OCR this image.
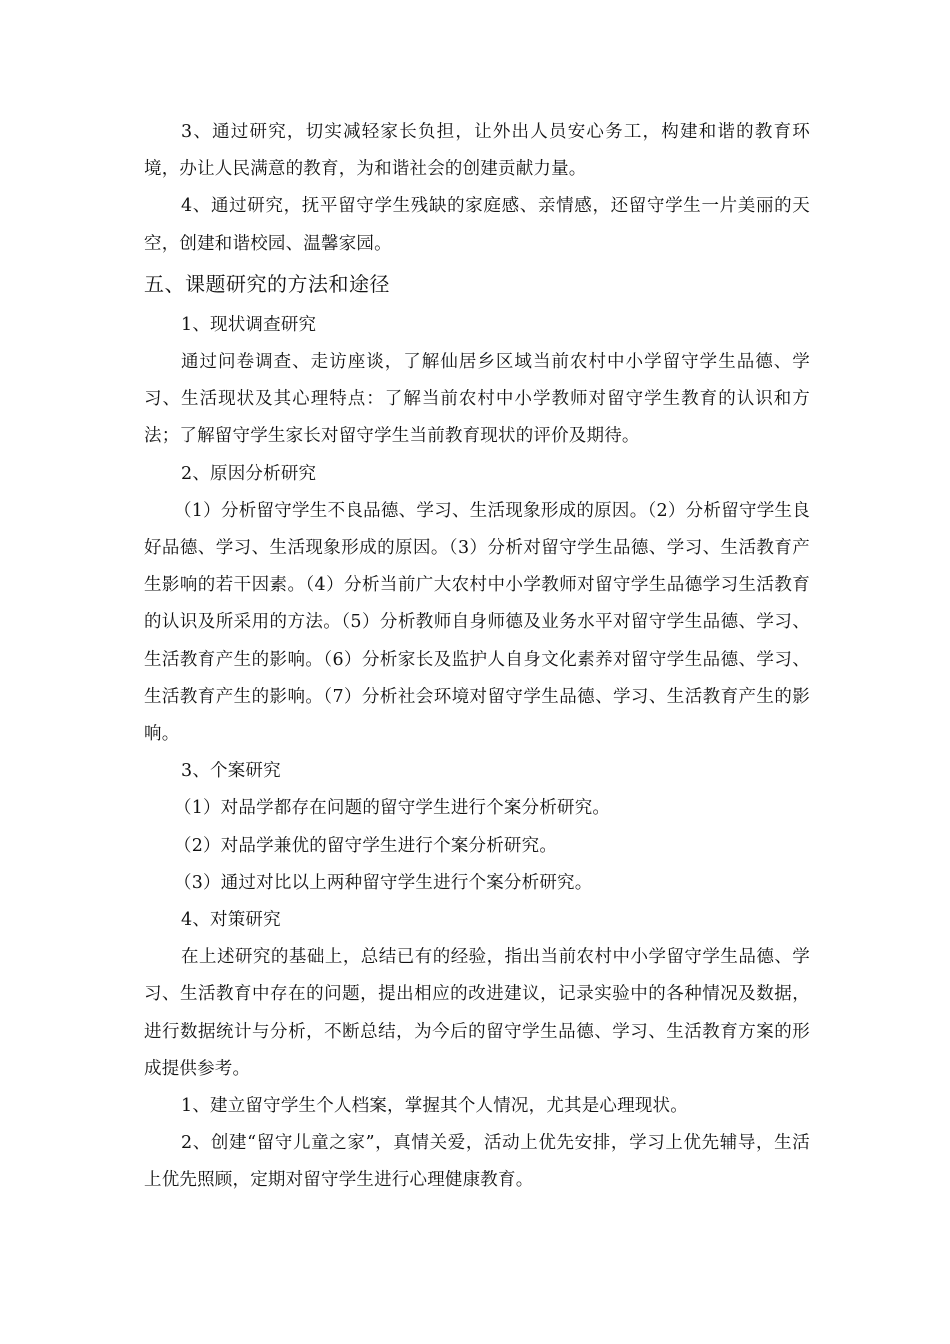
3、通过研究，切实减轻家长负担，让外出人员安心务工，构建和谐的教育环境，办让人民满意的教育，为和谐社会的创建贡献力量。

4、通过研究，抚平留守学生残缺的家庭感、亲情感，还留守学生一片美丽的天空，创建和谐校园、温馨家园。

五、课题研究的方法和途径

1、现状调查研究

通过问卷调查、走访座谈，了解仙居乡区域当前农村中小学留守学生品德、学习、生活现状及其心理特点：了解当前农村中小学教师对留守学生教育的认识和方法；了解留守学生家长对留守学生当前教育现状的评价及期待。

2、原因分析研究

（1）分析留守学生不良品德、学习、生活现象形成的原因。（2）分析留守学生良好品德、学习、生活现象形成的原因。（3）分析对留守学生品德、学习、生活教育产生影响的若干因素。（4）分析当前广大农村中小学教师对留守学生品德学习生活教育的认识及所采用的方法。（5）分析教师自身师德及业务水平对留守学生品德、学习、生活教育产生的影响。（6）分析家长及监护人自身文化素养对留守学生品德、学习、生活教育产生的影响。（7）分析社会环境对留守学生品德、学习、生活教育产生的影响。

3、个案研究

（1）对品学都存在问题的留守学生进行个案分析研究。

（2）对品学兼优的留守学生进行个案分析研究。

（3）通过对比以上两种留守学生进行个案分析研究。

4、对策研究

在上述研究的基础上，总结已有的经验，指出当前农村中小学留守学生品德、学习、生活教育中存在的问题，提出相应的改进建议，记录实验中的各种情况及数据，进行数据统计与分析，不断总结，为今后的留守学生品德、学习、生活教育方案的形成提供参考。

1、建立留守学生个人档案，掌握其个人情况，尤其是心理现状。

2、创建“留守儿童之家”，真情关爱，活动上优先安排，学习上优先辅导，生活上优先照顾，定期对留守学生进行心理健康教育。
